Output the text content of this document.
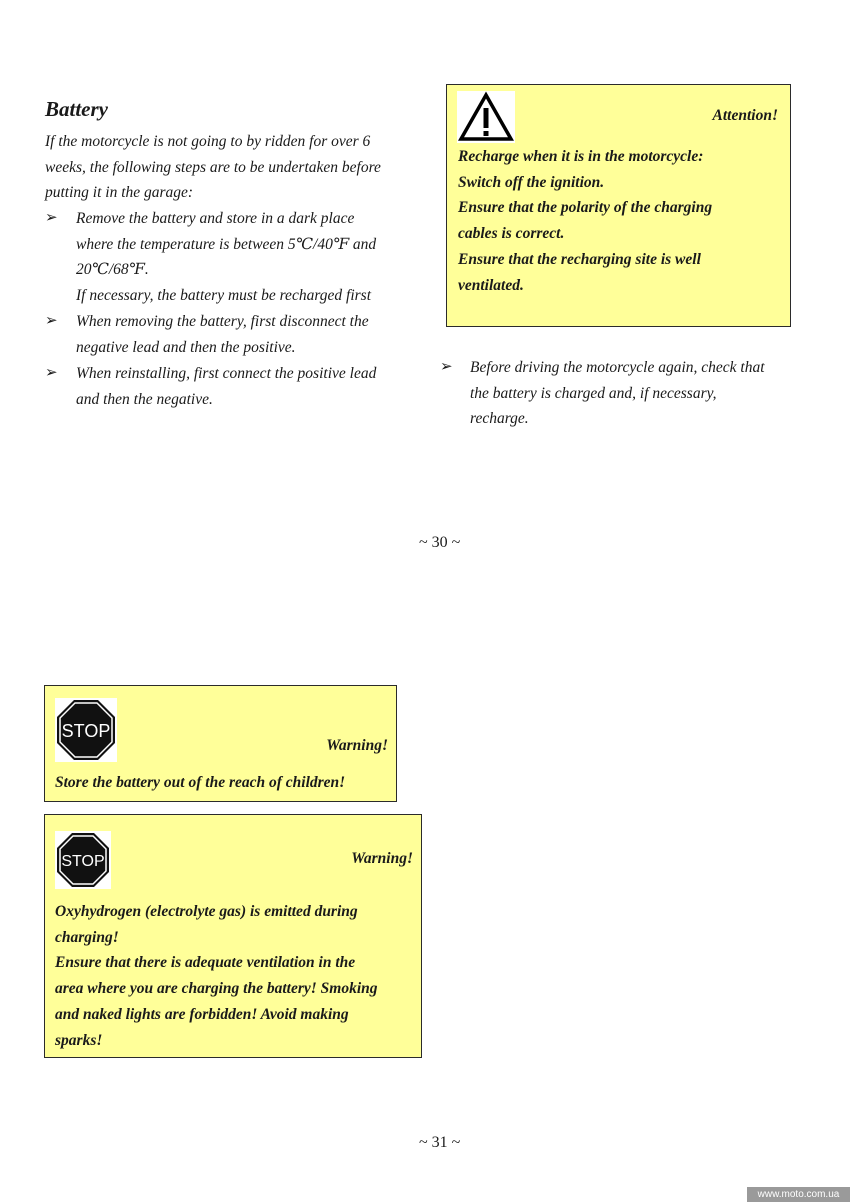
Battery
If the motorcycle is not going to by ridden for over 6
weeks, the following steps are to be undertaken before
putting it in the garage:
➢ Remove the battery and store in a dark place
where the temperature is between 5℃/40℉ and
20℃/68℉.
If necessary, the battery must be recharged first
➢ When removing the battery, first disconnect the
negative lead and then the positive.
➢ When reinstalling, first connect the positive lead
and then the negative.
Attention!
Recharge when it is in the motorcycle:
Switch off the ignition.
Ensure that the polarity of the charging
cables is correct.
Ensure that the recharging site is well
ventilated.
➢ Before driving the motorcycle again, check that
the battery is charged and, if necessary,
recharge.
~ 30 ~
STOP
Warning!
Store the battery out of the reach of children!
STOP	Warning!
Oxyhydrogen (electrolyte gas) is emitted during
charging!
Ensure that there is adequate ventilation in the
area where you are charging the battery! Smoking
and naked lights are forbidden! Avoid making
sparks!
~ 31 ~
www.moto.com.ua
